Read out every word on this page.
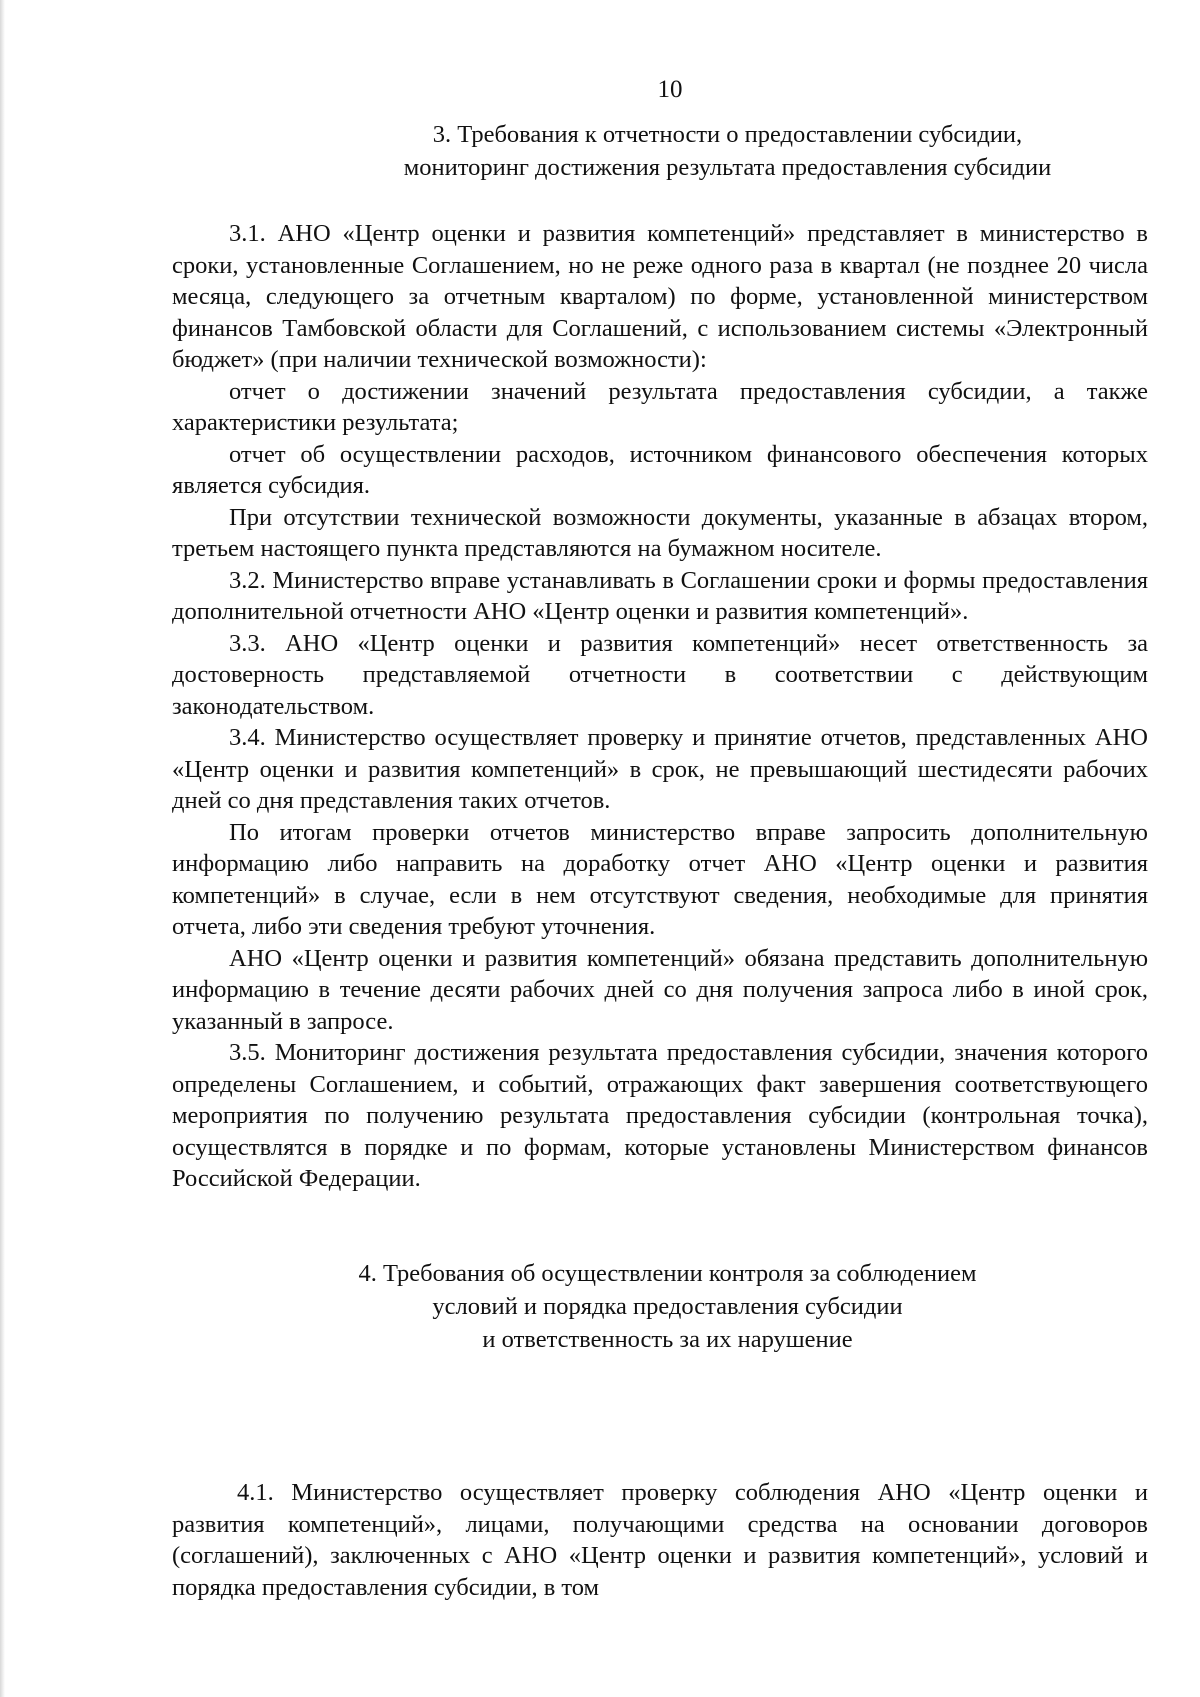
10
3. Требования к отчетности о предоставлении субсидии,
мониторинг достижения результата предоставления субсидии

3.1. АНО «Центр оценки и развития компетенций» представляет в министерство в сроки, установленные Соглашением, но не реже одного раза в квартал (не позднее 20 числа месяца, следующего за отчетным кварталом) по форме, установленной министерством финансов Тамбовской области для Соглашений, с использованием системы «Электронный бюджет» (при наличии технической возможности):

отчет о достижении значений результата предоставления субсидии, а также характеристики результата;

отчет об осуществлении расходов, источником финансового обеспечения которых является субсидия.

При отсутствии технической возможности документы, указанные в абзацах втором, третьем настоящего пункта представляются на бумажном носителе.

3.2. Министерство вправе устанавливать в Соглашении сроки и формы предоставления дополнительной отчетности АНО «Центр оценки и развития компетенций».

3.3. АНО «Центр оценки и развития компетенций» несет ответственность за достоверность представляемой отчетности в соответствии с действующим законодательством.

3.4. Министерство осуществляет проверку и принятие отчетов, представленных АНО «Центр оценки и развития компетенций» в срок, не превышающий шестидесяти рабочих дней со дня представления таких отчетов.

По итогам проверки отчетов министерство вправе запросить дополнительную информацию либо направить на доработку отчет АНО «Центр оценки и развития компетенций» в случае, если в нем отсутствуют сведения, необходимые для принятия отчета, либо эти сведения требуют уточнения.

АНО «Центр оценки и развития компетенций» обязана представить дополнительную информацию в течение десяти рабочих дней со дня получения запроса либо в иной срок, указанный в запросе.

3.5. Мониторинг достижения результата предоставления субсидии, значения которого определены Соглашением, и событий, отражающих факт завершения соответствующего мероприятия по получению результата предоставления субсидии (контрольная точка), осуществлятся в порядке и по формам, которые установлены Министерством финансов Российской Федерации.

4. Требования об осуществлении контроля за соблюдением
условий и порядка предоставления субсидии
и ответственность за их нарушение

4.1. Министерство осуществляет проверку соблюдения АНО «Центр оценки и развития компетенций», лицами, получающими средства на основании договоров (соглашений), заключенных с АНО «Центр оценки и развития компетенций», условий и порядка предоставления субсидии, в том
